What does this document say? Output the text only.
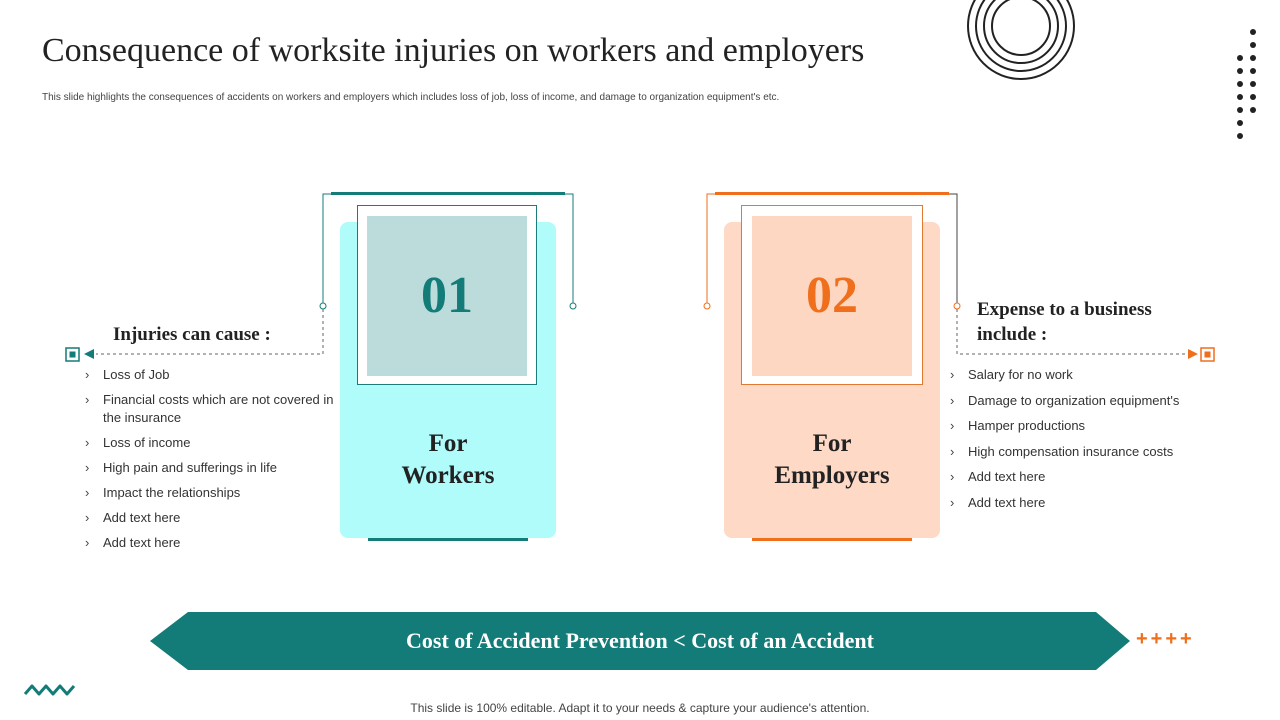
Consequence of worksite injuries on workers and employers
This slide highlights the consequences of accidents on workers and employers which includes loss of job, loss of income, and damage to organization equipment's etc.
01
For
Workers
02
For
Employers
Injuries can cause :
Expense to a business include :
› Loss of Job
› Financial costs which are not covered in the insurance
› Loss of income
› High pain and sufferings in life
› Impact the relationships
› Add text here
› Add text here
› Salary for no work
› Damage to organization equipment's
› Hamper productions
› High compensation insurance costs
› Add text here
› Add text here
Cost of Accident Prevention < Cost of an Accident	++++
This slide is 100% editable. Adapt it to your needs & capture your audience's attention.
